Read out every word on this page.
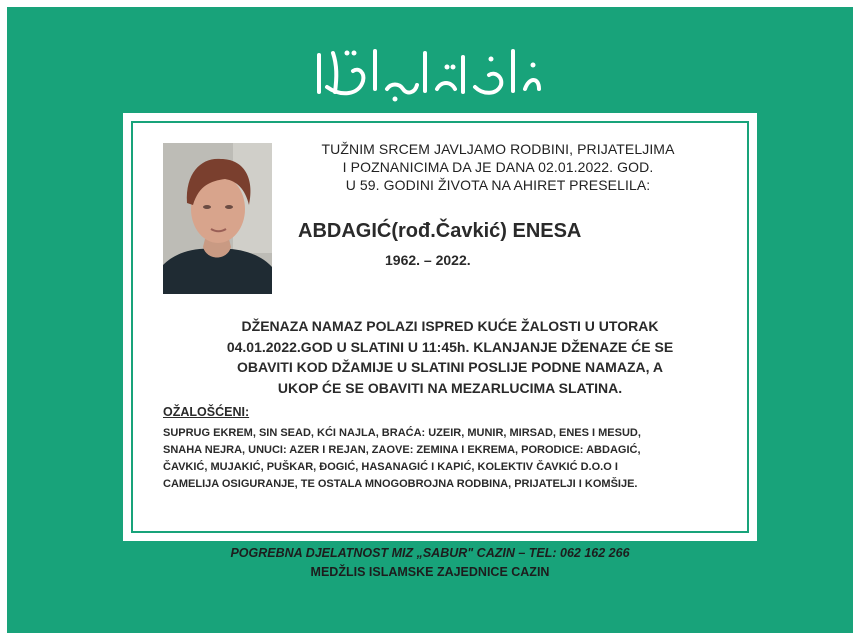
TUŽNIM SRCEM JAVLJAMO RODBINI, PRIJATELJIMA
I POZNANICIMA DA JE DANA 02.01.2022. GOD.
U 59. GODINI ŽIVOTA NA AHIRET PRESELILA:
ABDAGIĆ(rođ.Čavkić) ENESA
1962. – 2022.
DŽENAZA NAMAZ POLAZI ISPRED KUĆE ŽALOSTI U UTORAK
04.01.2022.GOD U SLATINI U 11:45h. KLANJANJE DŽENAZE ĆE SE
OBAVITI KOD DŽAMIJE U SLATINI POSLIJE PODNE NAMAZA, A
UKOP ĆE SE OBAVITI NA MEZARLUCIMA SLATINA.
OŽALOŠĆENI:
SUPRUG EKREM, SIN SEAD, KĆI NAJLA, BRAĆA: UZEIR, MUNIR, MIRSAD, ENES I MESUD,
SNAHA NEJRA, UNUCI: AZER I REJAN, ZAOVE: ZEMINA I EKREMA, PORODICE: ABDAGIĆ,
ČAVKIĆ, MUJAKIĆ, PUŠKAR, ĐOGIĆ, HASANAGIĆ I KAPIĆ, KOLEKTIV ČAVKIĆ D.O.O I
CAMELIJA OSIGURANJE, TE OSTALA MNOGOBROJNA RODBINA, PRIJATELJI I KOMŠIJE.
POGREBNA DJELATNOST MIZ „SABUR" CAZIN – TEL: 062 162 266
MEDŽLIS ISLAMSKE ZAJEDNICE CAZIN
